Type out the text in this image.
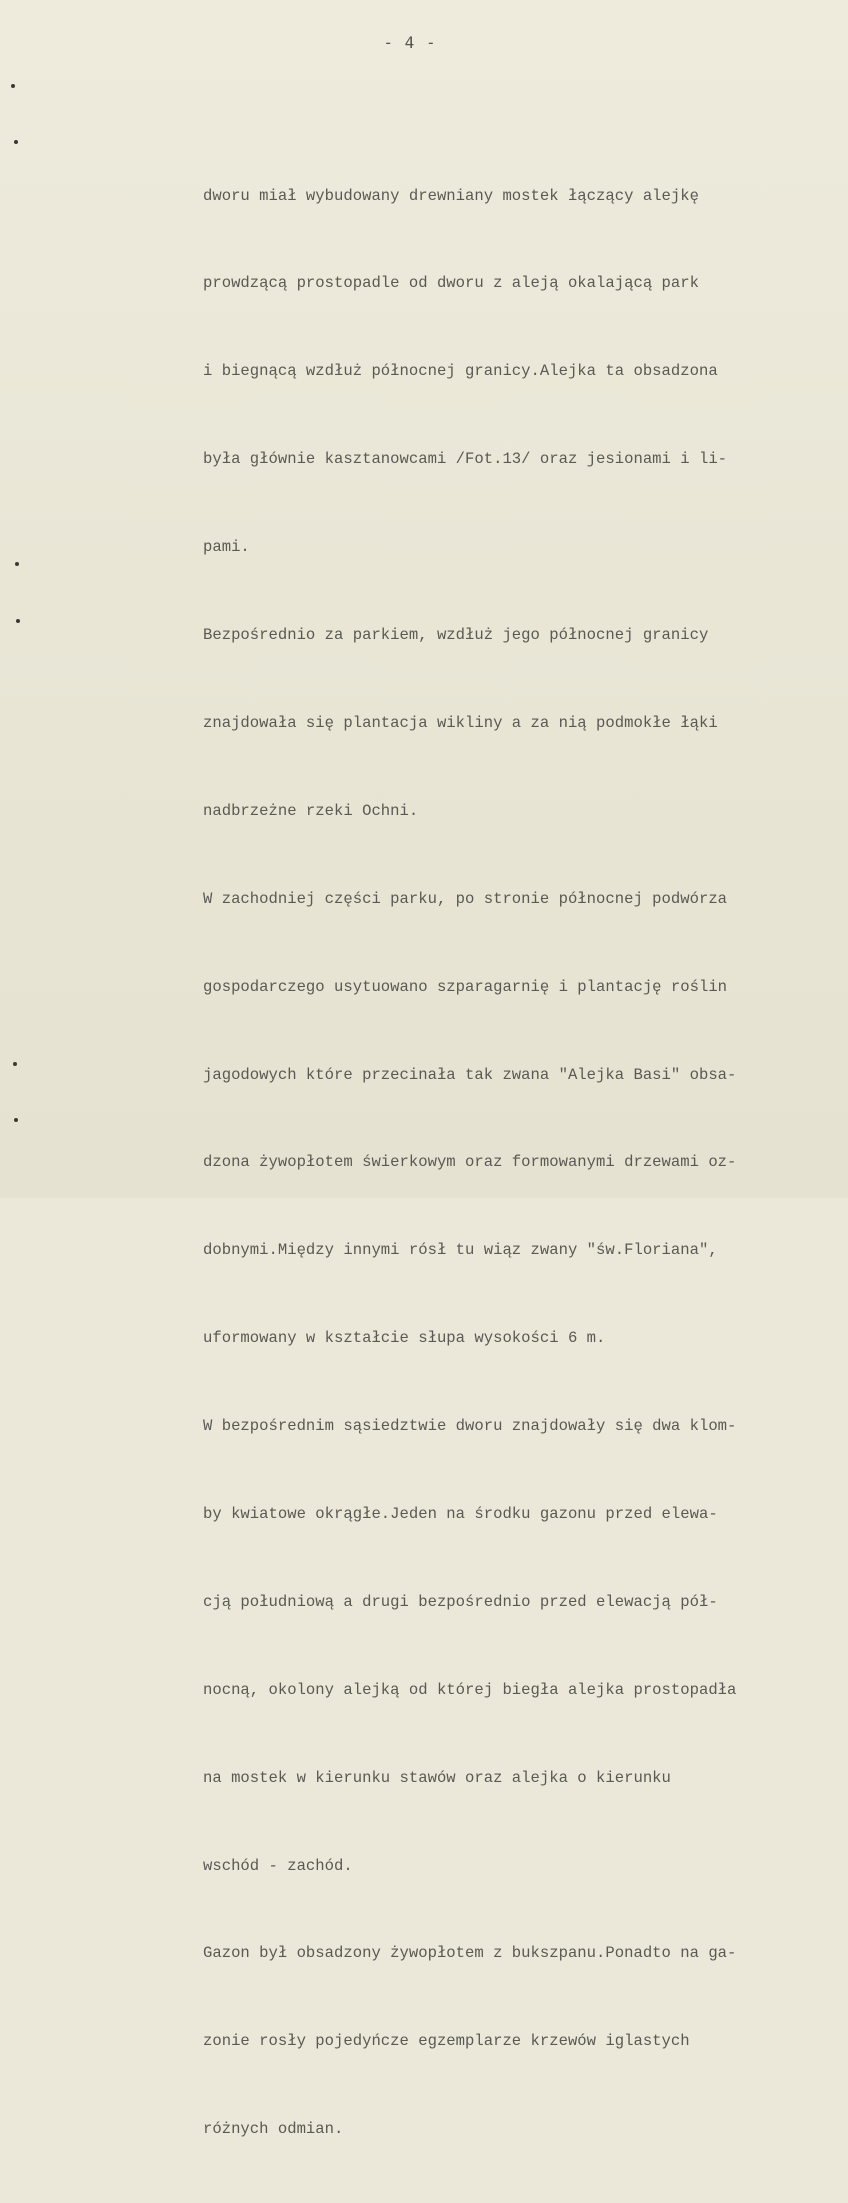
- 4 -

dworu miał wybudowany drewniany mostek łączący alejkę

prowdzącą prostopadle od dworu z aleją okalającą park

i biegnącą wzdłuż północnej granicy.Alejka ta obsadzona

była głównie kasztanowcami /Fot.13/ oraz jesionami i li-

pami.

Bezpośrednio za parkiem, wzdłuż jego północnej granicy

znajdowała się plantacja wikliny a za nią podmokłe łąki

nadbrzeżne rzeki Ochni.

W zachodniej części parku, po stronie północnej podwórza

gospodarczego usytuowano szparagarnię i plantację roślin

jagodowych które przecinała tak zwana "Alejka Basi" obsa-

dzona żywopłotem świerkowym oraz formowanymi drzewami oz-

dobnymi.Między innymi rósł tu wiąz zwany "św.Floriana",

uformowany w kształcie słupa wysokości 6 m.

W bezpośrednim sąsiedztwie dworu znajdowały się dwa klom-

by kwiatowe okrągłe.Jeden na środku gazonu przed elewa-

cją południową a drugi bezpośrednio przed elewacją pół-

nocną, okolony alejką od której biegła alejka prostopadła

na mostek w kierunku stawów oraz alejka o kierunku

wschód - zachód.

Gazon był obsadzony żywopłotem z bukszpanu.Ponadto na ga-

zonie rosły pojedyńcze egzemplarze krzewów iglastych

różnych odmian.
